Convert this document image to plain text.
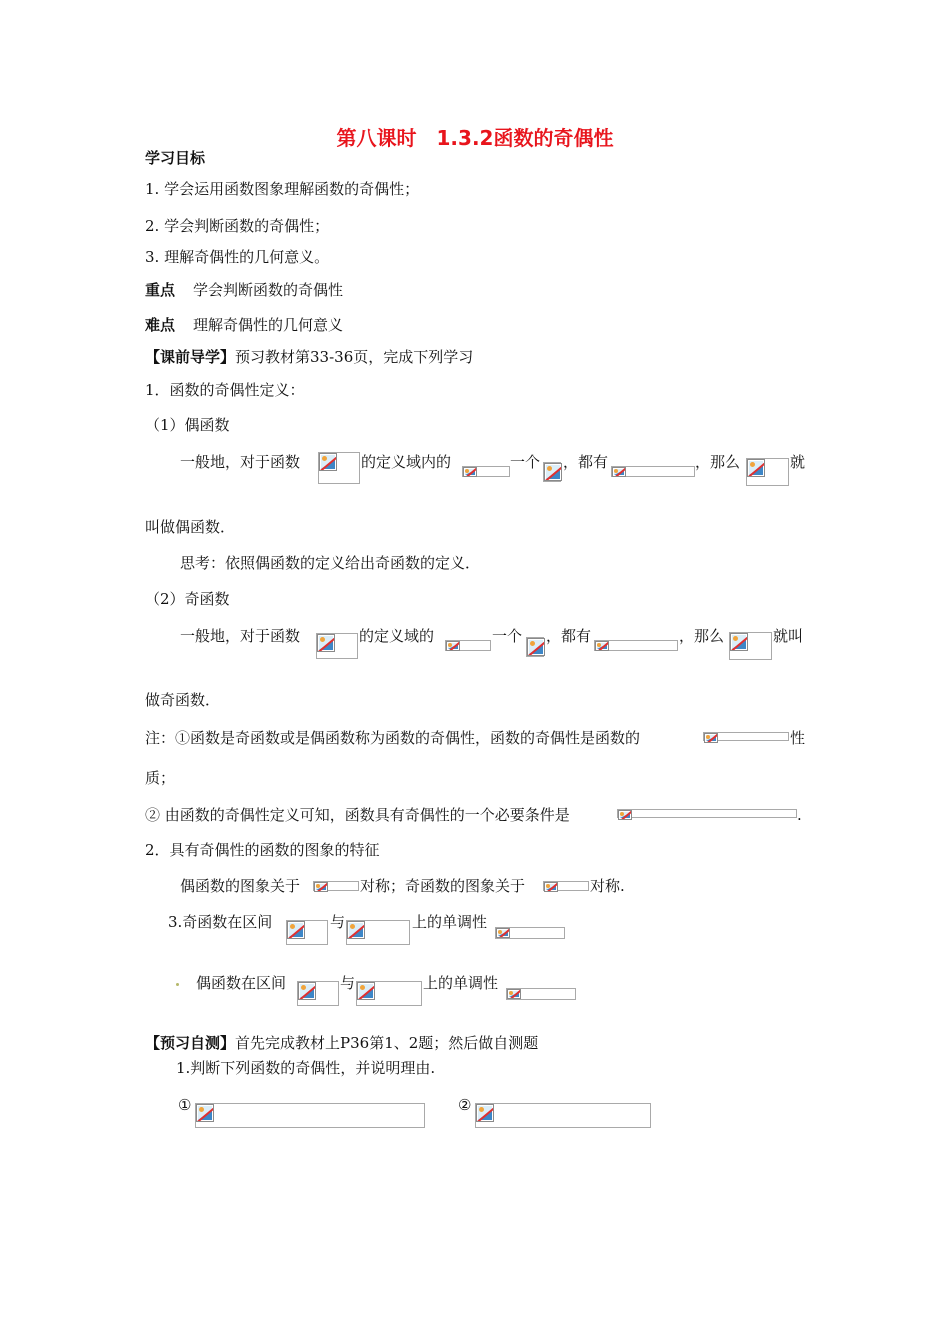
第八课时　1.3.2函数的奇偶性
学习目标
1. 学会运用函数图象理解函数的奇偶性；
2. 学会判断函数的奇偶性；
3. 理解奇偶性的几何意义。
重点 学会判断函数的奇偶性
难点 理解奇偶性的几何意义
【课前导学】预习教材第33-36页，完成下列学习
1．函数的奇偶性定义：
（1）偶函数
一般地，对于函数	的定义域内的	一个 ，都有	，那么	就
叫做偶函数．
思考：依照偶函数的定义给出奇函数的定义．
（2）奇函数
一般地，对于函数	的定义域的	一个 ，都有	，那么	就叫
做奇函数．
注：①函数是奇函数或是偶函数称为函数的奇偶性，函数的奇偶性是函数的	性
质；
② 由函数的奇偶性定义可知，函数具有奇偶性的一个必要条件是	.
2．具有奇偶性的函数的图象的特征
偶函数的图象关于	对称；奇函数的图象关于	对称.
3.奇函数在区间	与	上的单调性
偶函数在区间	与	上的单调性
【预习自测】首先完成教材上P36第1、2题；然后做自测题
1.判断下列函数的奇偶性，并说明理由.
①	②
